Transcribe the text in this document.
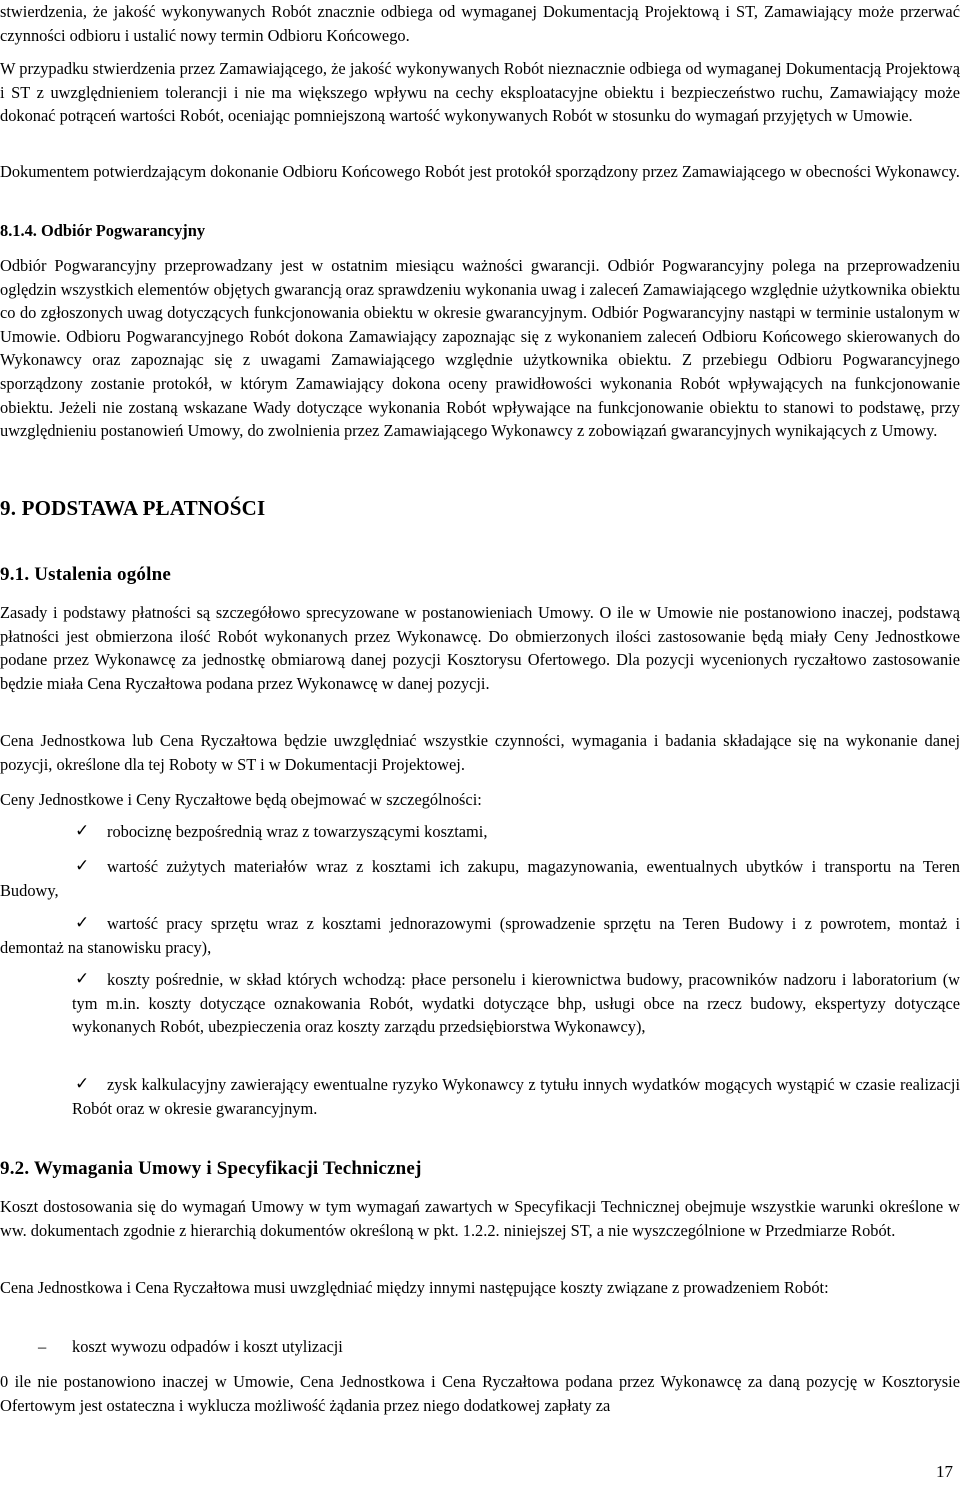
stwierdzenia, że jakość wykonywanych Robót znacznie odbiega od wymaganej Dokumentacją Projektową i ST, Zamawiający może przerwać czynności odbioru i ustalić nowy termin Odbioru Końcowego.

W przypadku stwierdzenia przez Zamawiającego, że jakość wykonywanych Robót nieznacznie odbiega od wymaganej Dokumentacją Projektową i ST z uwzględnieniem tolerancji i nie ma większego wpływu na cechy eksploatacyjne obiektu i bezpieczeństwo ruchu, Zamawiający może dokonać potrąceń wartości Robót, oceniając pomniejszoną wartość wykonywanych Robót w stosunku do wymagań przyjętych w Umowie.

Dokumentem potwierdzającym dokonanie Odbioru Końcowego Robót jest protokół sporządzony przez Zamawiającego w obecności Wykonawcy.

8.1.4. Odbiór Pogwarancyjny

Odbiór Pogwarancyjny przeprowadzany jest w ostatnim miesiącu ważności gwarancji. Odbiór Pogwarancyjny polega na przeprowadzeniu oględzin wszystkich elementów objętych gwarancją oraz sprawdzeniu wykonania uwag i zaleceń Zamawiającego względnie użytkownika obiektu co do zgłoszonych uwag dotyczących funkcjonowania obiektu w okresie gwarancyjnym. Odbiór Pogwarancyjny nastąpi w terminie ustalonym w Umowie. Odbioru Pogwarancyjnego Robót dokona Zamawiający zapoznając się z wykonaniem zaleceń Odbioru Końcowego skierowanych do Wykonawcy oraz zapoznając się z uwagami Zamawiającego względnie użytkownika obiektu. Z przebiegu Odbioru Pogwarancyjnego sporządzony zostanie protokół, w którym Zamawiający dokona oceny prawidłowości wykonania Robót wpływających na funkcjonowanie obiektu. Jeżeli nie zostaną wskazane Wady dotyczące wykonania Robót wpływające na funkcjonowanie obiektu to stanowi to podstawę, przy uwzględnieniu postanowień Umowy, do zwolnienia przez Zamawiającego Wykonawcy z zobowiązań gwarancyjnych wynikających z Umowy.

9. PODSTAWA PŁATNOŚCI

9.1. Ustalenia ogólne

Zasady i podstawy płatności są szczegółowo sprecyzowane w postanowieniach Umowy. O ile w Umowie nie postanowiono inaczej, podstawą płatności jest obmierzona ilość Robót wykonanych przez Wykonawcę. Do obmierzonych ilości zastosowanie będą miały Ceny Jednostkowe podane przez Wykonawcę za jednostkę obmiarową danej pozycji Kosztorysu Ofertowego. Dla pozycji wycenionych ryczałtowo zastosowanie będzie miała Cena Ryczałtowa podana przez Wykonawcę w danej pozycji.

Cena Jednostkowa lub Cena Ryczałtowa będzie uwzględniać wszystkie czynności, wymagania i badania składające się na wykonanie danej pozycji, określone dla tej Roboty w ST i w Dokumentacji Projektowej.

Ceny Jednostkowe i Ceny Ryczałtowe będą obejmować w szczególności:

✓	robociznę bezpośrednią wraz z towarzyszącymi kosztami,

✓	wartość zużytych materiałów wraz z kosztami ich zakupu, magazynowania, ewentualnych ubytków i transportu na Teren Budowy,

✓	wartość pracy sprzętu wraz z kosztami jednorazowymi (sprowadzenie sprzętu na Teren Budowy i z powrotem, montaż i demontaż na stanowisku pracy),

✓	koszty pośrednie, w skład których wchodzą: płace personelu i kierownictwa budowy, pracowników nadzoru i laboratorium (w tym m.in. koszty dotyczące oznakowania Robót, wydatki dotyczące bhp, usługi obce na rzecz budowy, ekspertyzy dotyczące wykonanych Robót, ubezpieczenia oraz koszty zarządu przedsiębiorstwa Wykonawcy),

✓	zysk kalkulacyjny zawierający ewentualne ryzyko Wykonawcy z tytułu innych wydatków mogących wystąpić w czasie realizacji Robót oraz w okresie gwarancyjnym.

9.2. Wymagania Umowy i Specyfikacji Technicznej

Koszt dostosowania się do wymagań Umowy w tym wymagań zawartych w Specyfikacji Technicznej obejmuje wszystkie warunki określone w ww. dokumentach zgodnie z hierarchią dokumentów określoną w pkt. 1.2.2. niniejszej ST, a nie wyszczególnione w Przedmiarze Robót.

Cena Jednostkowa i Cena Ryczałtowa musi uwzględniać między innymi następujące koszty związane z prowadzeniem Robót:

– koszt wywozu odpadów i koszt utylizacji

0 ile nie postanowiono inaczej w Umowie, Cena Jednostkowa i Cena Ryczałtowa podana przez Wykonawcę za daną pozycję w Kosztorysie Ofertowym jest ostateczna i wyklucza możliwość żądania przez niego dodatkowej zapłaty za

17
